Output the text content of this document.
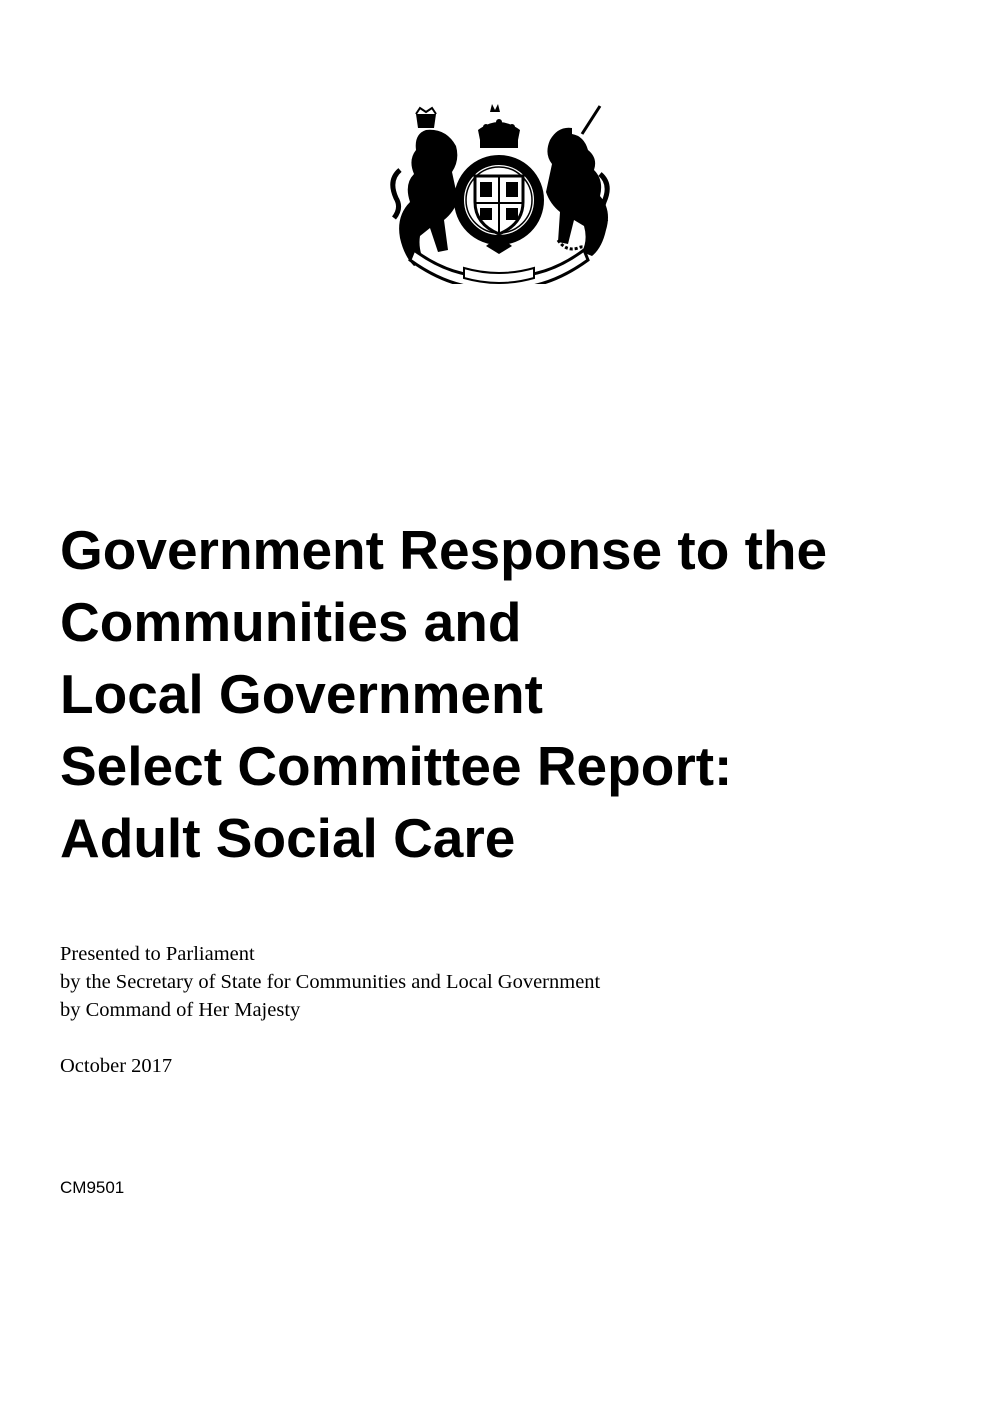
Government Response to the
Communities and
Local Government
Select Committee Report:
Adult Social Care
Presented to Parliament
by the Secretary of State for Communities and Local Government
by Command of Her Majesty
October 2017
CM9501
